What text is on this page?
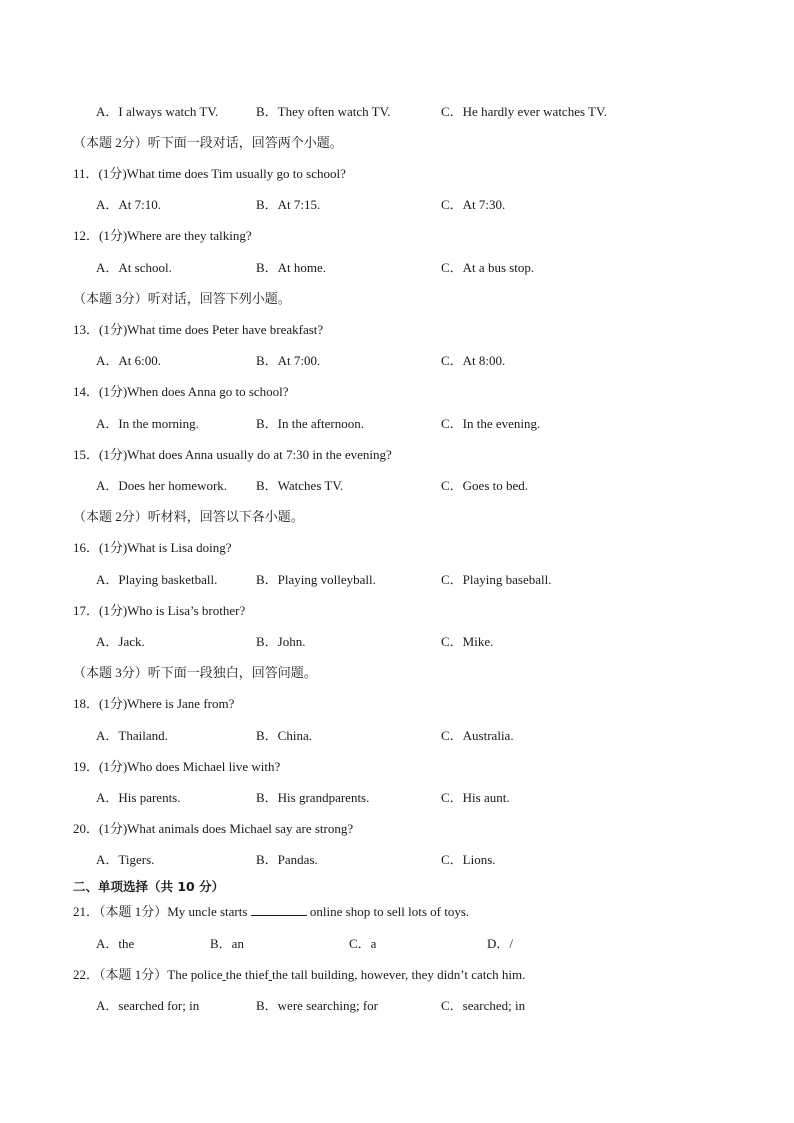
A．I always watch TV.	B．They often watch TV.	C．He hardly ever watches TV.
（本题 2分）听下面一段对话，回答两个小题。
11．(1分)What time does Tim usually go to school?
A．At 7:10.	B．At 7:15.	C．At 7:30.
12．(1分)Where are they talking?
A．At school.	B．At home.	C．At a bus stop.
（本题 3分）听对话，回答下列小题。
13．(1分)What time does Peter have breakfast?
A．At 6:00.	B．At 7:00.	C．At 8:00.
14．(1分)When does Anna go to school?
A．In the morning.	B．In the afternoon.	C．In the evening.
15．(1分)What does Anna usually do at 7:30 in the evening?
A．Does her homework. B．Watches TV.	C．Goes to bed.
（本题 2分）听材料，回答以下各小题。
16．(1分)What is Lisa doing?
A．Playing basketball.	B．Playing volleyball.	C．Playing baseball.
17．(1分)Who is Lisa’s brother?
A．Jack.	B．John.	C．Mike.
（本题 3分）听下面一段独白，回答问题。
18．(1分)Where is Jane from?
A．Thailand.	B．China.	C．Australia.
19．(1分)Who does Michael live with?
A．His parents.	B．His grandparents.	C．His aunt.
20．(1分)What animals does Michael say are strong?
A．Tigers.	B．Pandas.	C．Lions.
二、单项选择（共 10 分）
21．（本题 1分）My uncle starts	online shop to sell lots of toys.
A．the	B．an	C．a	D．/
22．（本题 1分）The police the thief the tall building, however, they didn’t catch him.
A．searched for; in	B．were searching; for	C．searched; in
